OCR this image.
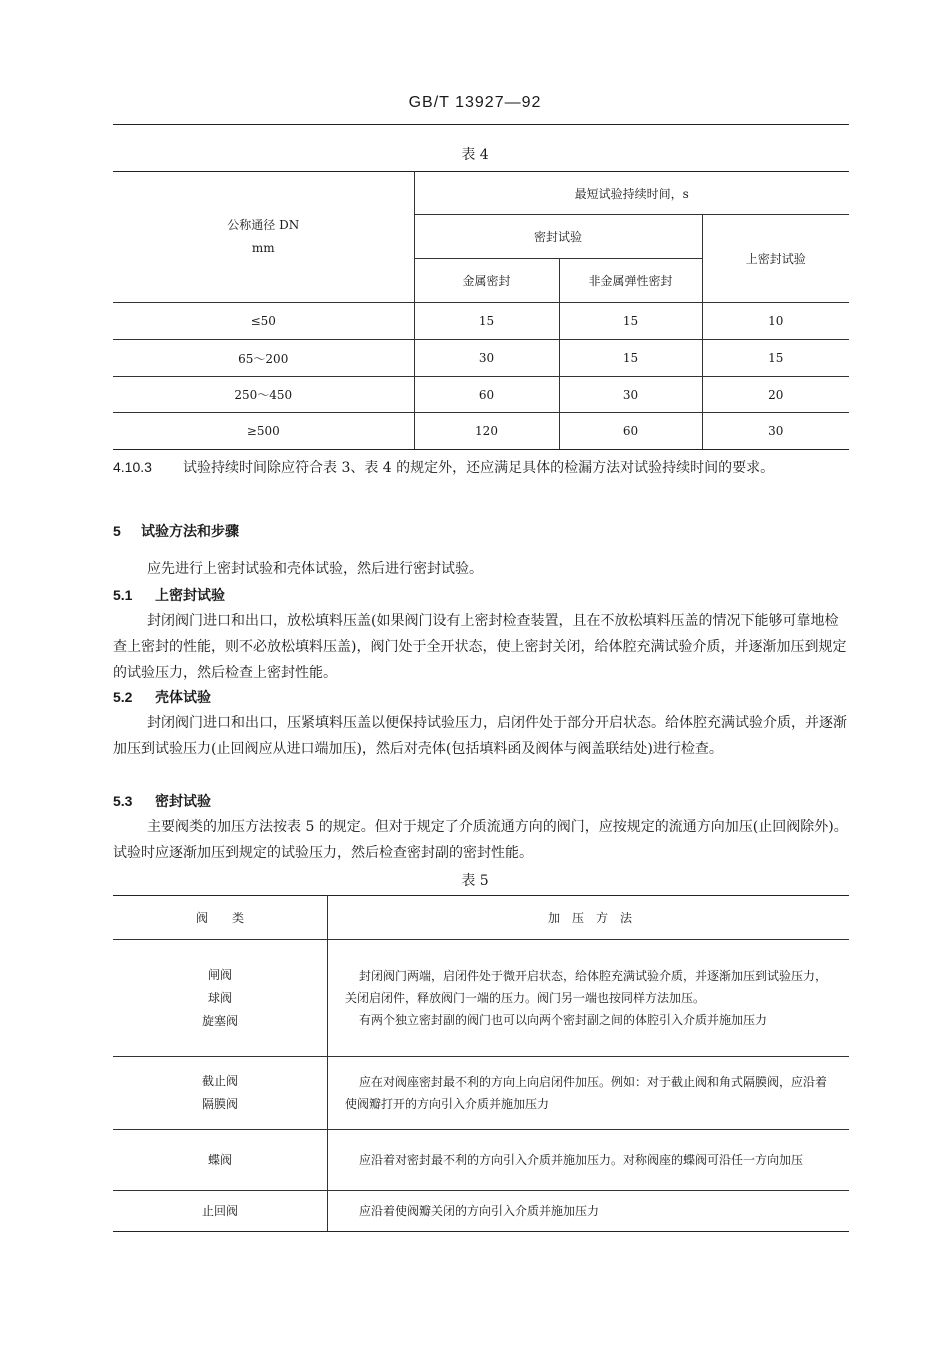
GB/T 13927—92
表 4
公称通径 DN
mm	最短试验持续时间，s		
	密封试验		上密封试验
	金属密封	非金属弹性密封	
≤50	15	15	10
65～200	30	15	15
250～450	60	30	20
≥500	120	60	30
4.10.3 试验持续时间除应符合表 3、表 4 的规定外，还应满足具体的检漏方法对试验持续时间的要求。
5 试验方法和步骤
应先进行上密封试验和壳体试验，然后进行密封试验。
5.1 上密封试验
封闭阀门进口和出口，放松填料压盖(如果阀门设有上密封检查装置，且在不放松填料压盖的情况下能够可靠地检查上密封的性能，则不必放松填料压盖)，阀门处于全开状态，使上密封关闭，给体腔充满试验介质，并逐渐加压到规定的试验压力，然后检查上密封性能。
5.2 壳体试验
封闭阀门进口和出口，压紧填料压盖以便保持试验压力，启闭件处于部分开启状态。给体腔充满试验介质，并逐渐加压到试验压力(止回阀应从进口端加压)，然后对壳体(包括填料函及阀体与阀盖联结处)进行检查。
5.3 密封试验
主要阀类的加压方法按表 5 的规定。但对于规定了介质流通方向的阀门，应按规定的流通方向加压(止回阀除外)。试验时应逐渐加压到规定的试验压力，然后检查密封副的密封性能。
表 5
阀　　类	加　压　方　法

闸阀
球阀
旋塞阀	封闭阀门两端，启闭件处于微开启状态，给体腔充满试验介质，并逐渐加压到试验压力，关闭启闭件，释放阀门一端的压力。阀门另一端也按同样方法加压。
有两个独立密封副的阀门也可以向两个密封副之间的体腔引入介质并施加压力

截止阀
隔膜阀	应在对阀座密封最不利的方向上向启闭件加压。例如：对于截止阀和角式隔膜阀，应沿着使阀瓣打开的方向引入介质并施加压力

蝶阀	应沿着对密封最不利的方向引入介质并施加压力。对称阀座的蝶阀可沿任一方向加压

止回阀	应沿着使阀瓣关闭的方向引入介质并施加压力
